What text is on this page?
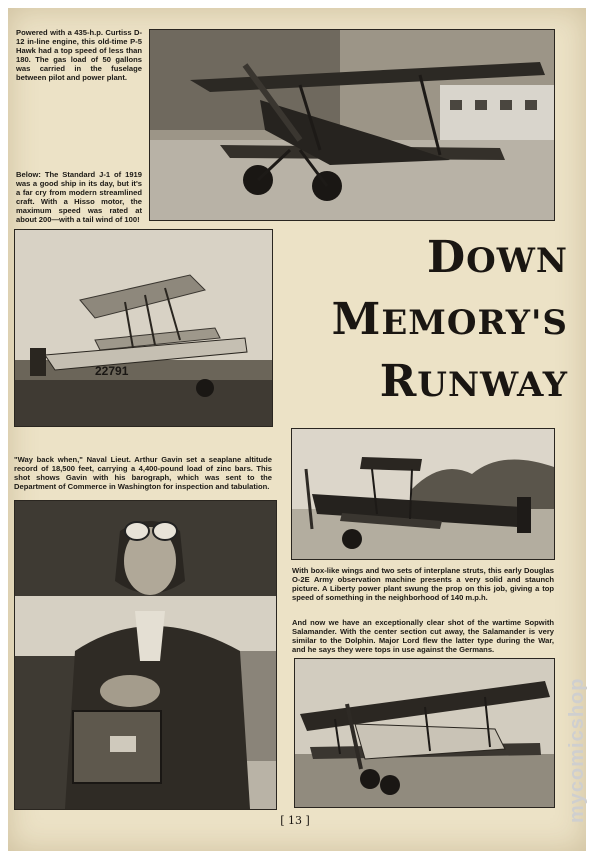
Powered with a 435-h.p. Curtiss D-12 in-line engine, this old-time P-5 Hawk had a top speed of less than 180. The gas load of 50 gallons was carried in the fuselage between pilot and power plant.
Below: The Standard J-1 of 1919 was a good ship in its day, but it's a far cry from modern streamlined craft. With a Hisso motor, the maximum speed was rated at about 200—with a tail wind of 100!
22791
DOWN
MEMORY'S
RUNWAY
"Way back when," Naval Lieut. Arthur Gavin set a seaplane altitude record of 18,500 feet, carrying a 4,400-pound load of zinc bars. This shot shows Gavin with his barograph, which was sent to the Department of Commerce in Washington for inspection and tabulation.
With box-like wings and two sets of interplane struts, this early Douglas O-2E Army observation machine presents a very solid and staunch picture. A Liberty power plant swung the prop on this job, giving a top speed of something in the neighborhood of 140 m.p.h.
And now we have an exceptionally clear shot of the wartime Sopwith Salamander. With the center section cut away, the Salamander is very similar to the Dolphin. Major Lord flew the latter type during the War, and he says they were tops in use against the Germans.
[ 13 ]	mycomicshop
